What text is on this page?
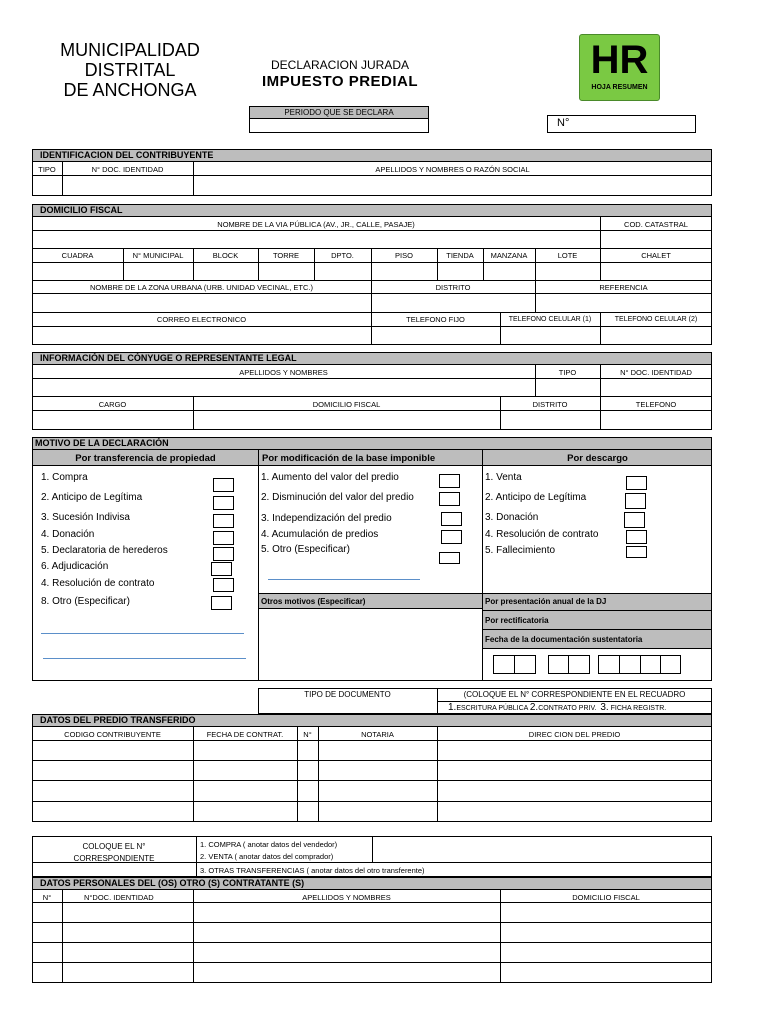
MUNICIPALIDAD
DISTRITAL
DE ANCHONGA
DECLARACION JURADA
IMPUESTO PREDIAL	HR
HOJA RESUMEN
PERIODO QUE SE DECLARA
N°
IDENTIFICACION DEL CONTRIBUYENTE
TIPO	N° DOC. IDENTIDAD	APELLIDOS Y NOMBRES O RAZÓN SOCIAL
DOMICILIO FISCAL
NOMBRE DE LA VIA PÚBLICA (AV., JR., CALLE, PASAJE)	COD. CATASTRAL
CUADRA	N° MUNICIPAL	BLOCK	TORRE	DPTO.	PISO	TIENDA	MANZANA	LOTE	CHALET
NOMBRE DE LA ZONA URBANA (URB. UNIDAD VECINAL, ETC.)	DISTRITO	REFERENCIA
CORREO ELECTRONICO	TELEFONO FIJO	TELEFONO CELULAR (1)	TELEFONO CELULAR (2)
INFORMACIÓN DEL CÓNYUGE O REPRESENTANTE LEGAL
APELLIDOS Y NOMBRES	TIPO	N° DOC. IDENTIDAD
CARGO	DOMICILIO FISCAL	DISTRITO	TELEFONO
MOTIVO DE LA DECLARACIÓN
Por transferencia de propiedad	Por modificación de la base imponible	Por descargo
1. Compra
2. Anticipo de Legítima
3. Sucesión Indivisa
4. Donación
5. Declaratoria de herederos
6. Adjudicación
4. Resolución de contrato
8. Otro (Especificar)
1. Aumento del valor del predio
2. Disminución del valor del predio
3. Independización del predio
4. Acumulación de predios
5. Otro (Especificar)
Otros motivos (Especificar)
1. Venta
2. Anticipo de Legítima
3. Donación
4. Resolución de contrato
5. Fallecimiento
Por presentación anual de la DJ
Por rectificatoria
Fecha de la documentación sustentatoria
TIPO DE DOCUMENTO	(COLOQUE EL N° CORRESPONDIENTE EN EL RECUADRO
1.ESCRITURA PÚBLICA 2.CONTRATO PRIV. 3. FICHA REGISTR.
DATOS DEL PREDIO TRANSFERIDO
CODIGO CONTRIBUYENTE	FECHA DE CONTRAT.	N°	NOTARIA	DIREC CION DEL PREDIO
COLOQUE EL N°
CORRESPONDIENTE
1. COMPRA ( anotar datos del vendedor)
2. VENTA ( anotar datos del comprador)
3. OTRAS TRANSFERENCIAS ( anotar datos del otro transferente)
DATOS PERSONALES DEL (OS) OTRO (S) CONTRATANTE (S)
N°	N°DOC. IDENTIDAD	APELLIDOS Y NOMBRES	DOMICILIO FISCAL
